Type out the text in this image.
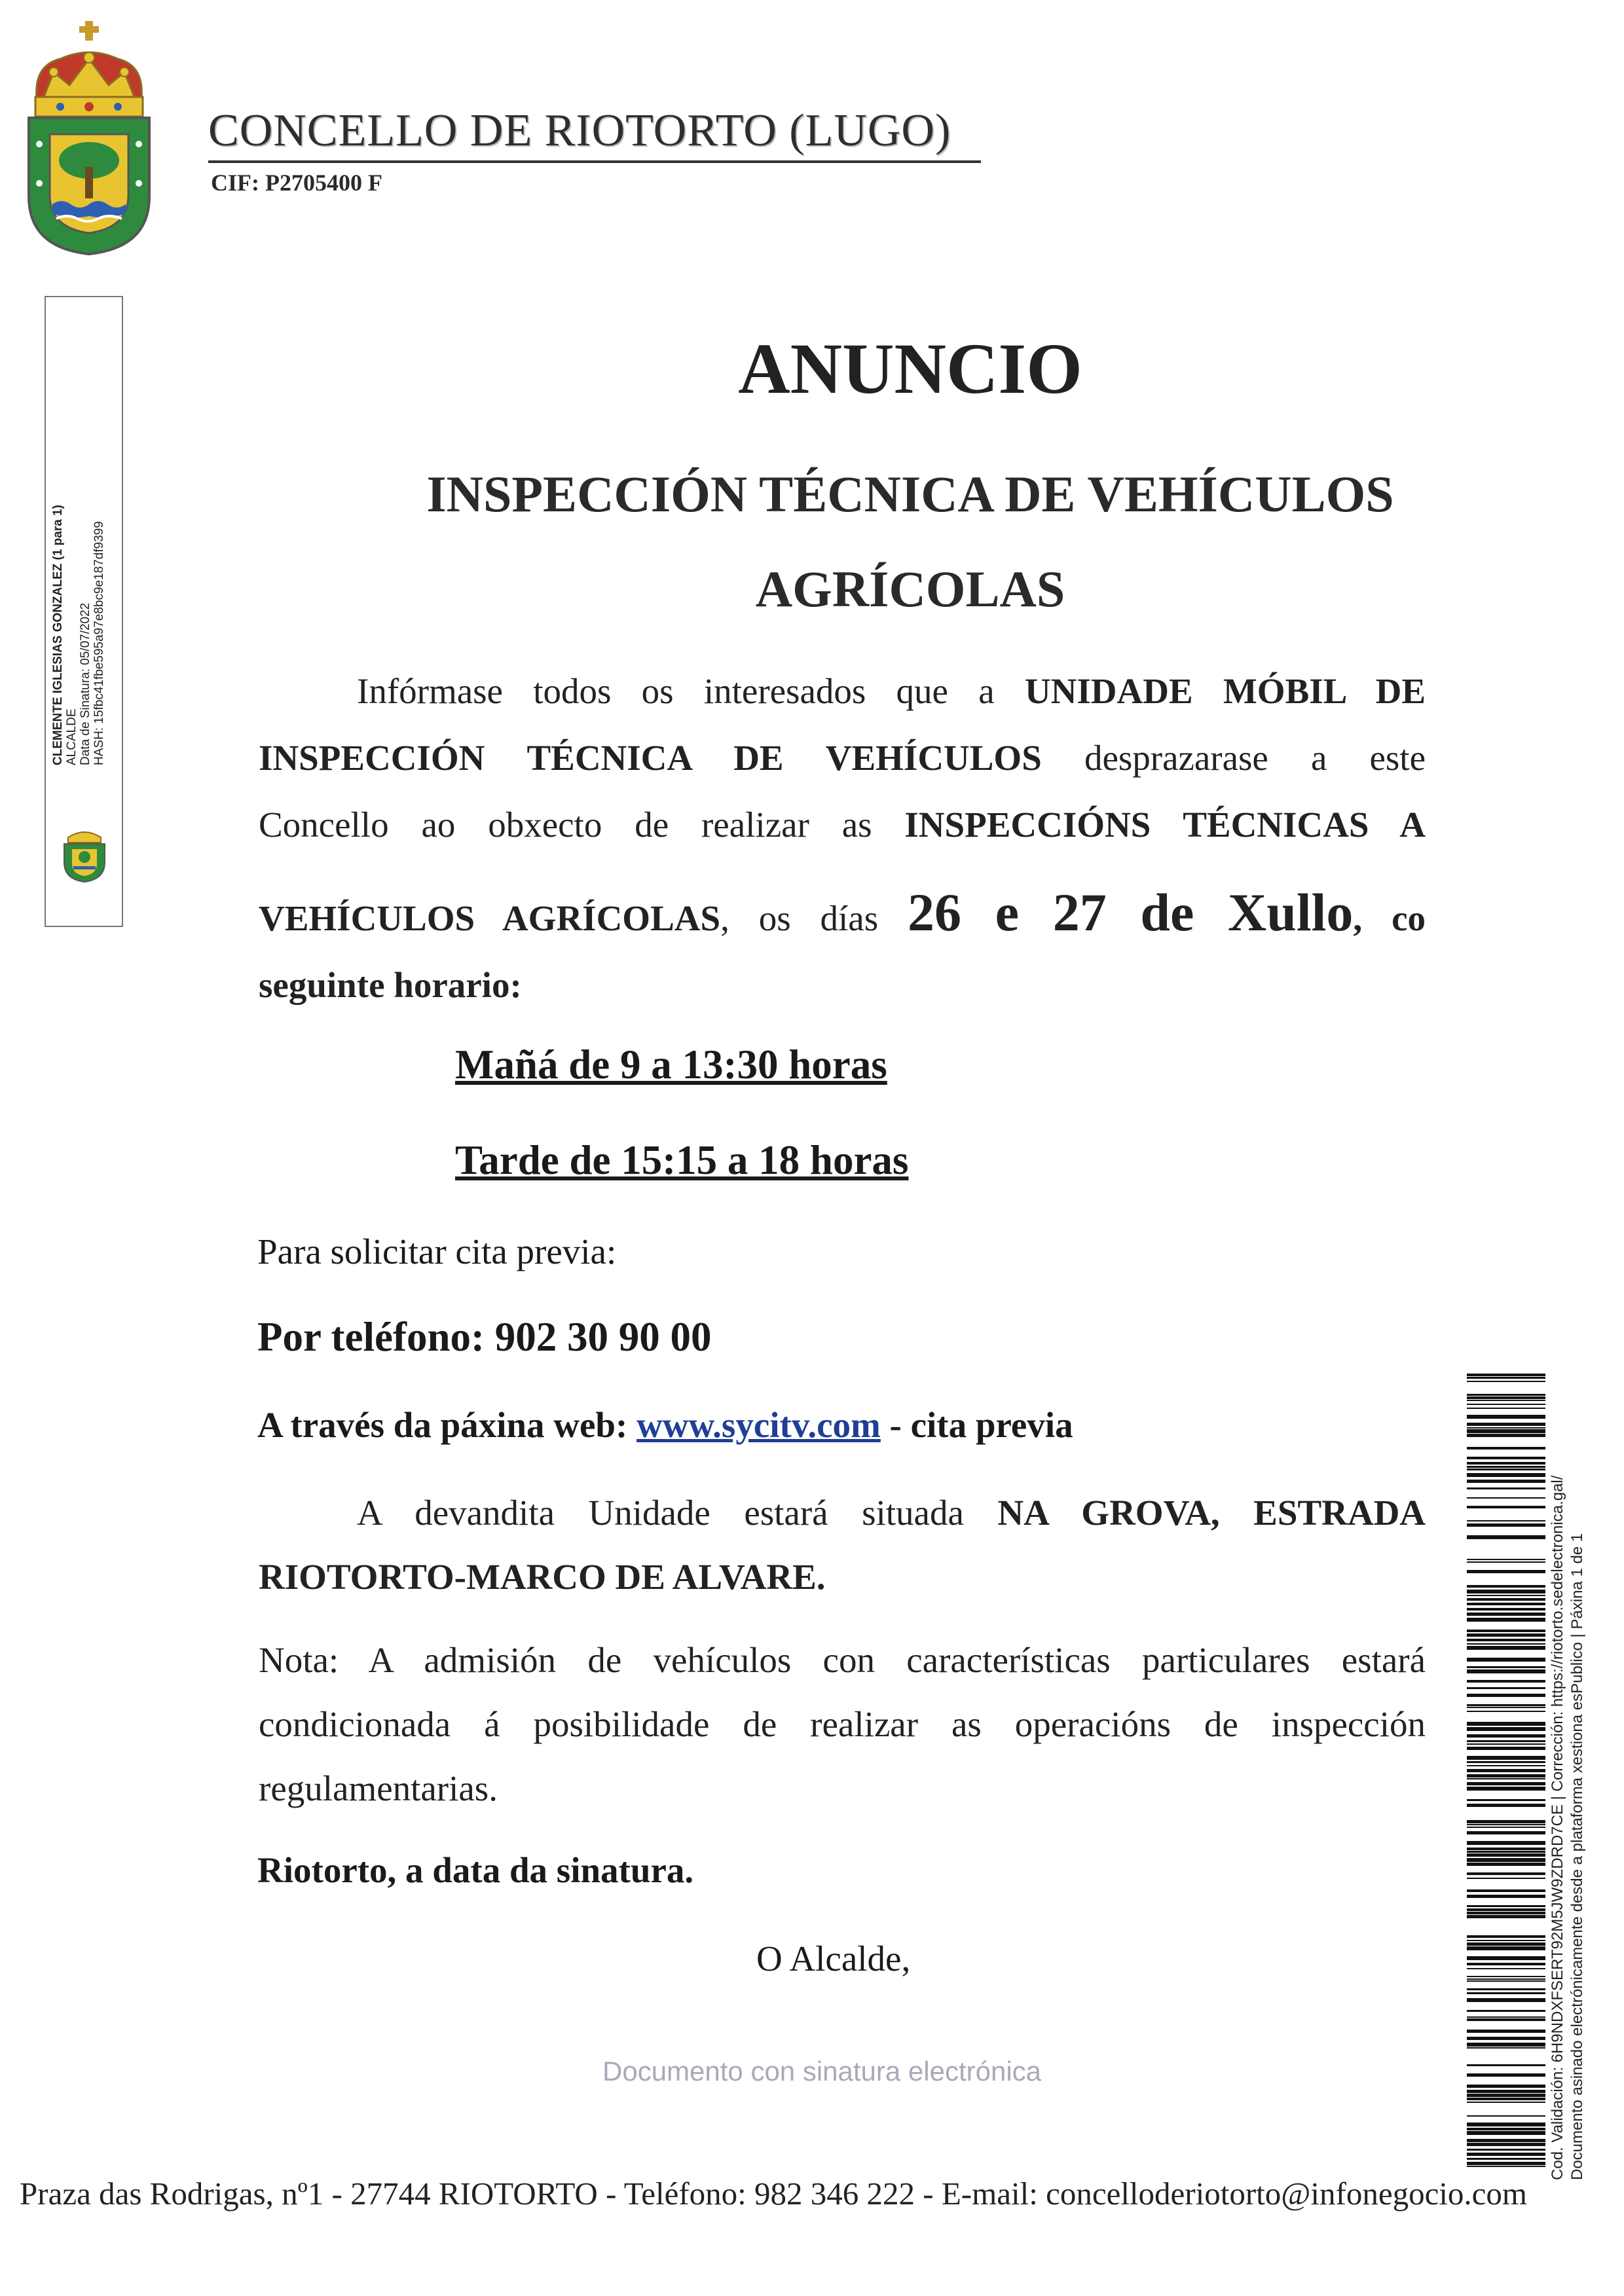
CONCELLO DE RIOTORTO (LUGO)
CIF: P2705400 F
CLEMENTE IGLESIAS GONZALEZ (1 para 1) ALCALDE Data de Sinatura: 05/07/2022 HASH: 15fbc41fbe595a97e8bc9e187df9399
ANUNCIO
INSPECCIÓN TÉCNICA DE VEHÍCULOS
AGRÍCOLAS
Infórmase todos os interesados que a UNIDADE MÓBIL DE
INSPECCIÓN TÉCNICA DE VEHÍCULOS desprazarase a este
Concello ao obxecto de realizar as INSPECCIÓNS TÉCNICAS A
VEHÍCULOS AGRÍCOLAS, os días 26 e 27 de Xullo, co
seguinte horario:
Mañá de 9 a 13:30 horas
Tarde de 15:15 a 18 horas
Para solicitar cita previa:
Por teléfono: 902 30 90 00
A través da páxina web: www.sycitv.com - cita previa
A devandita Unidade estará situada NA GROVA, ESTRADA
RIOTORTO-MARCO DE ALVARE.
Nota: A admisión de vehículos con características particulares estará
condicionada á posibilidade de realizar as operacións de inspección
regulamentarias.
Riotorto, a data da sinatura.
O Alcalde,
Documento con sinatura electrónica
Praza das Rodrigas, nº1 - 27744 RIOTORTO - Teléfono: 982 346 222 - E-mail: concelloderiotorto@infonegocio.com
Cod. Validación: 6H9NDXFSERT92M5JW9ZDRD7CE | Corrección: https://riotorto.sedelectronica.gal/ Documento asinado electrónicamente desde a plataforma xestiona esPublico | Páxina 1 de 1
